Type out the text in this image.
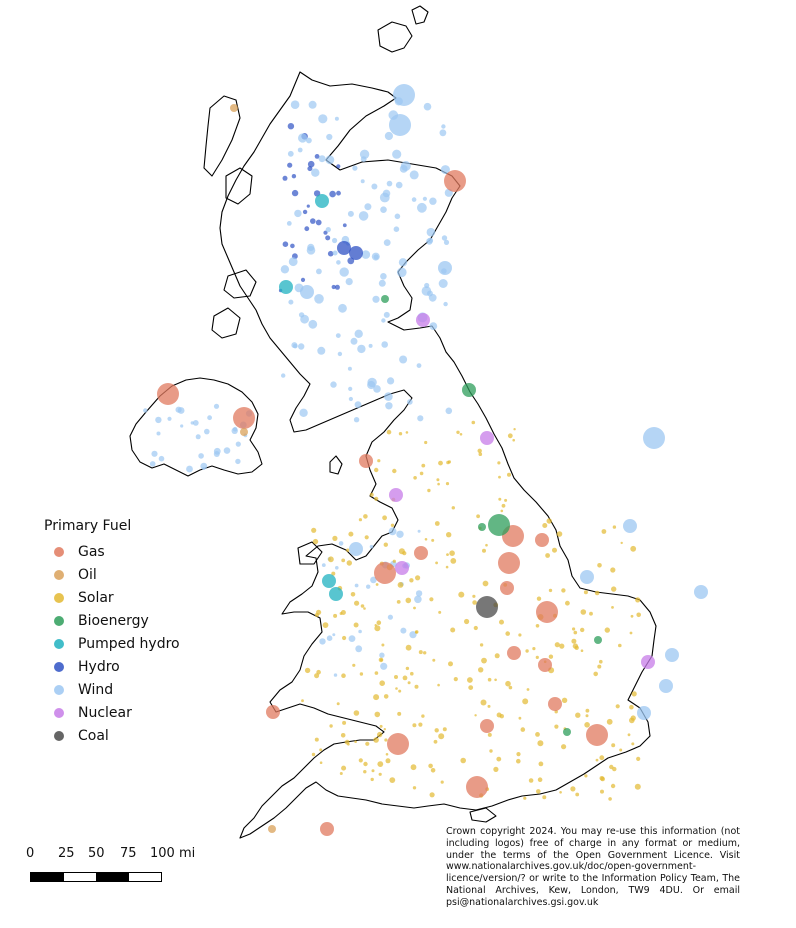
Primary Fuel
Gas
Oil
Solar
Bioenergy
Pumped hydro
Hydro
Wind
Nuclear
Coal
0 25 50 75 100 mi
Crown copyright 2024. You may re-use this information (not including logos) free of charge in any format or medium, under the terms of the Open Government Licence. Visit www.nationalarchives.gov.uk/doc/open-government-licence/version/? or write to the Information Policy Team, The National Archives, Kew, London, TW9 4DU. Or email psi@nationalarchives.gsi.gov.uk
